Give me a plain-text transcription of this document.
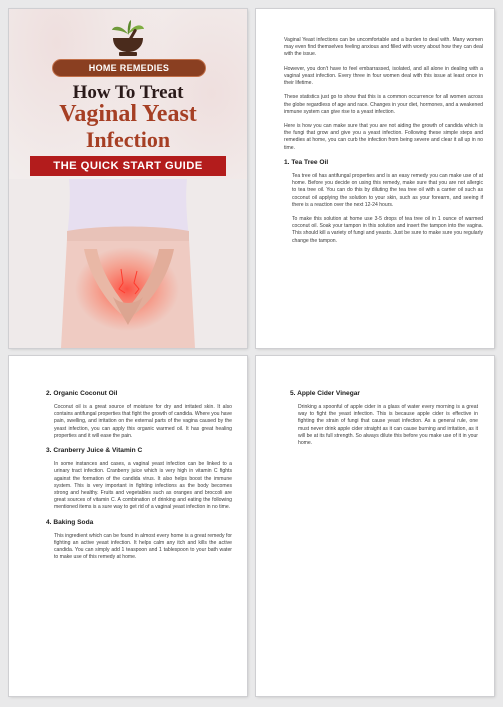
HOME REMEDIES
How To Treat
Vaginal Yeast
Infection
THE QUICK START GUIDE

Vaginal Yeast infections can be uncomfortable and a burden to deal with. Many women may even find themselves feeling anxious and filled with worry about how they can deal with the issue.

However, you don't have to feel embarrassed, isolated, and all alone in dealing with a vaginal yeast infection. Every three in four women deal with this issue at least once in their lifetime.

These statistics just go to show that this is a common occurrence for all women across the globe regardless of age and race. Changes in your diet, hormones, and a weakened immune system can give rise to a yeast infection.

Here is how you can make sure that you are not aiding the growth of candida which is the fungi that grow and give you a yeast infection. Following these simple steps and remedies at home, you can curb the infection from being severe and clear it all up in no time.

1. Tea Tree Oil

Tea tree oil has antifungal properties and is an easy remedy you can make use of at home. Before you decide on using this remedy, make sure that you are not allergic to tea tree oil. You can do this by diluting the tea tree oil with a carrier oil such as coconut oil applying the solution to your skin, such as your forearm, and seeing if there is a reaction over the next 12-24 hours.

To make this solution at home use 3-5 drops of tea tree oil in 1 ounce of warmed coconut oil. Soak your tampon in this solution and insert the tampon into the vagina. This should kill a variety of fungi and yeasts. Just be sure to make sure you regularly change the tampon.

2. Organic Coconut Oil

Coconut oil is a great source of moisture for dry and irritated skin. It also contains antifungal properties that fight the growth of candida. Where you have pain, swelling, and irritation on the external parts of the vagina caused by the yeast infection, you can apply this organic warmed oil. It has great healing properties and it will ease the pain.

3. Cranberry Juice & Vitamin C

In some instances and cases, a vaginal yeast infection can be linked to a urinary tract infection. Cranberry juice which is very high in vitamin C fights against the formation of the candida virus. It also helps boost the immune system. This is very important in fighting infections as the body becomes strong and healthy. Fruits and vegetables such as oranges and broccoli are great sources of vitamin C. A combination of drinking and eating the following mentioned items is a sure way to get rid of a vaginal yeast infection in no time.

4. Baking Soda

This ingredient which can be found in almost every home is a great remedy for fighting an active yeast infection. It helps calm any itch and kills the active candida. You can simply add 1 teaspoon and 1 tablespoon to your bath water to make use of this remedy at home.

5. Apple Cider Vinegar

Drinking a spoonful of apple cider in a glass of water every morning is a great way to fight the yeast infection. This is because apple cider is effective in fighting the strain of fungi that cause yeast infection. As a general rule, one must never drink apple cider straight as it can cause burning and irritation, as it will be at its full strength. So always dilute this before you make use of it in your home.
